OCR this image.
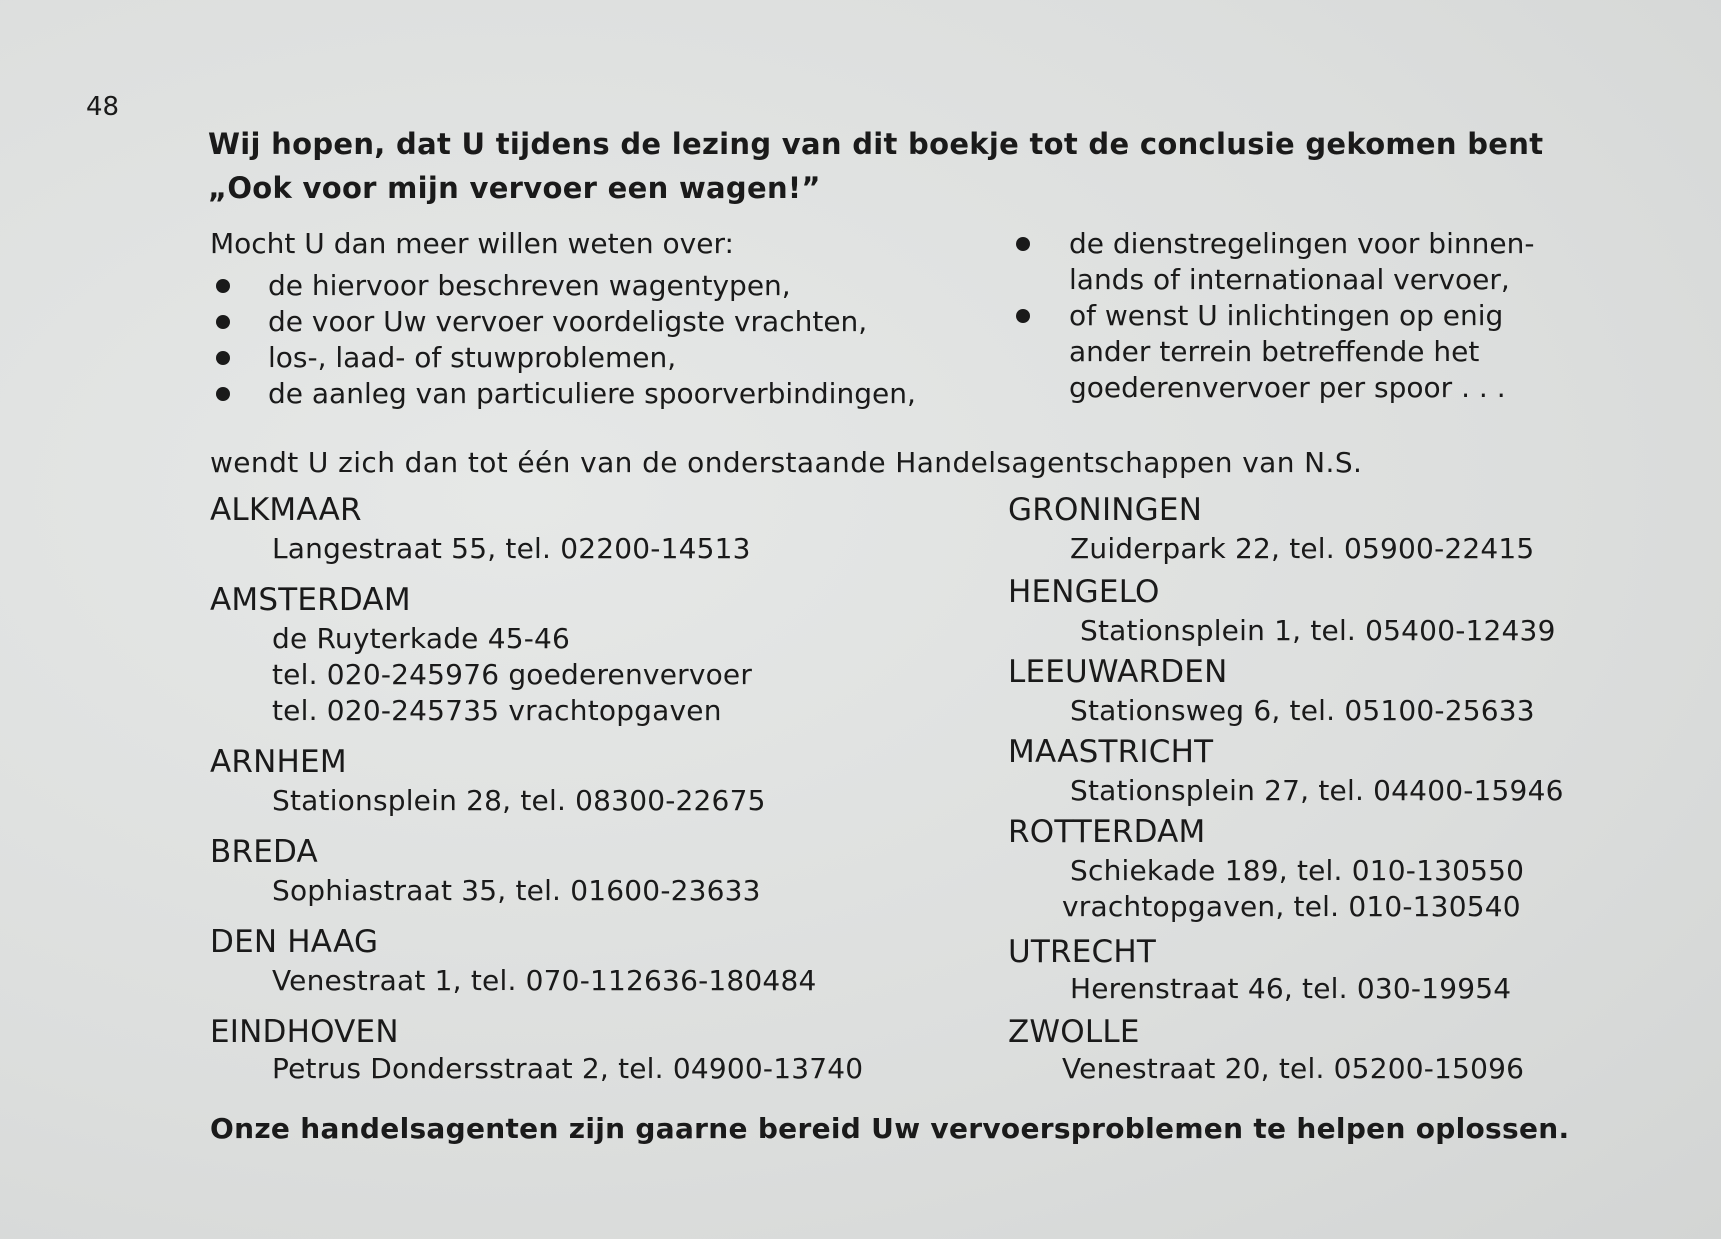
48
Wij hopen, dat U tijdens de lezing van dit boekje tot de conclusie gekomen bent
„Ook voor mijn vervoer een wagen!”
Mocht U dan meer willen weten over:
de hiervoor beschreven wagentypen,
de voor Uw vervoer voordeligste vrachten,
los-, laad- of stuwproblemen,
de aanleg van particuliere spoorverbindingen,
de dienstregelingen voor binnen-
lands of internationaal vervoer,
of wenst U inlichtingen op enig
ander terrein betreffende het
goederenvervoer per spoor . . .
wendt U zich dan tot één van de onderstaande Handelsagentschappen van N.S.
ALKMAAR
Langestraat 55, tel. 02200-14513
AMSTERDAM
de Ruyterkade 45-46
tel. 020-245976 goederenvervoer
tel. 020-245735 vrachtopgaven
ARNHEM
Stationsplein 28, tel. 08300-22675
BREDA
Sophiastraat 35, tel. 01600-23633
DEN HAAG
Venestraat 1, tel. 070-112636-180484
EINDHOVEN
Petrus Dondersstraat 2, tel. 04900-13740
GRONINGEN
Zuiderpark 22, tel. 05900-22415
HENGELO
Stationsplein 1, tel. 05400-12439
LEEUWARDEN
Stationsweg 6, tel. 05100-25633
MAASTRICHT
Stationsplein 27, tel. 04400-15946
ROTTERDAM
Schiekade 189, tel. 010-130550
vrachtopgaven, tel. 010-130540
UTRECHT
Herenstraat 46, tel. 030-19954
ZWOLLE
Venestraat 20, tel. 05200-15096
Onze handelsagenten zijn gaarne bereid Uw vervoersproblemen te helpen oplossen.
